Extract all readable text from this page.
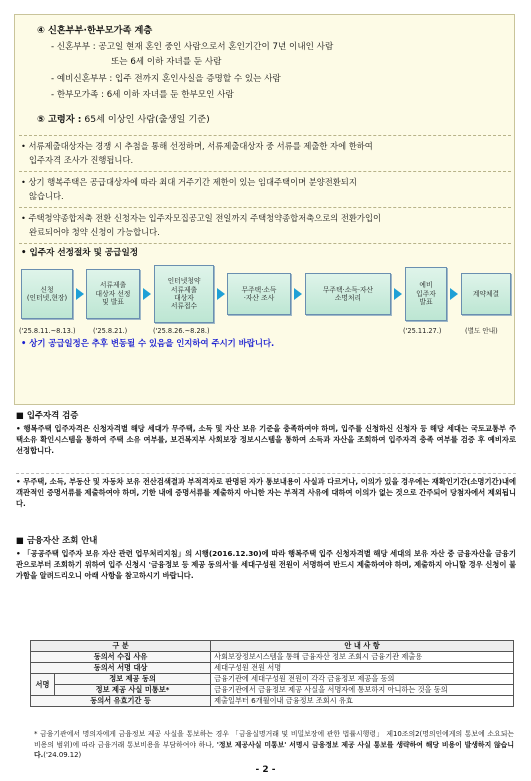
④ 신혼부부·한부모가족 계층

- 신혼부부 : 공고일 현재 혼인 중인 사람으로서 혼인기간이 7년 이내인 사람

또는 6세 이하 자녀를 둔 사람

- 예비신혼부부 : 입주 전까지 혼인사실을 증명할 수 있는 사람

- 한부모가족 : 6세 이하 자녀를 둔 한부모인 사람

⑤ 고령자 : 65세 이상인 사람(출생일 기준)

• 서류제출대상자는 경쟁 시 추첨을 통해 선정하며, 서류제출대상자 중 서류를 제출한 자에 한하여

입주자격 조사가 진행됩니다.

• 상기 행복주택은 공급대상자에 따라 최대 거주기간 제한이 있는 임대주택이며 분양전환되지

않습니다.

• 주택청약종합저축 전환 신청자는 입주자모집공고일 전일까지 주택청약종합저축으로의 전환가입이

완료되어야 청약 신청이 가능합니다.

• 입주자 선정절차 및 공급일정

신청
(인터넷,현장)
서류제출
대상자 선정
및 발표
인터넷청약
서류제출
대상자
서류접수
무주택·소득
·자산 조사
무주택·소득·자산
소명처리
예비
입주자
발표
계약체결
('25.8.11.~8.13.)	('25.8.21.)	('25.8.26.~8.28.)	('25.11.27.)	(별도 안내)

• 상기 공급일정은 추후 변동될 수 있음을 인지하여 주시기 바랍니다.

■ 입주자격 검증
• 행복주택 입주자격은 신청자격별 해당 세대가 무주택, 소득 및 자산 보유 기준을 충족하여야 하며, 입주를 신청하신 신청자 등 해당 세대는 국토교통부 주택소유 확인시스템을 통하여 주택 소유 여부를, 보건복지부 사회보장 정보시스템을 통하여 소득과 자산을 조회하여 입주자격 충족 여부를 검증 후 예비자로 선정합니다.
• 무주택, 소득, 부동산 및 자동차 보유 전산검색결과 부적격자로 판명된 자가 통보내용이 사실과 다르거나, 이의가 있을 경우에는 재확인기간(소명기간)내에 객관적인 증명서류를 제출하여야 하며, 기한 내에 증명서류를 제출하지 아니한 자는 부적격 사유에 대하여 이의가 없는 것으로 간주되어 당첨자에서 제외됩니다.
■ 금융자산 조회 안내
• 「공공주택 입주자 보유 자산 관련 업무처리지침」의 시행(2016.12.30)에 따라 행복주택 입주 신청자격별 해당 세대의 보유 자산 중 금융자산을 금융기관으로부터 조회하기 위하여 입주 신청시 '금융정보 등 제공 동의서'를 세대구성원 전원이 서명하여 반드시 제출하여야 하며, 제출하지 아니할 경우 신청이 불가함을 알려드리오니 아래 사항을 참고하시기 바랍니다.
구 분		안 내 사 항
동의서 수집 사유		사회보장정보시스템을 통해 금융자산 정보 조회시 금융기관 제출용
동의서 서명 대상		세대구성원 전원 서명
서명	정보 제공 동의	금융기관에 세대구성원 전원이 각각 금융정보 제공을 동의
	정보 제공 사실 미통보*	금융기관에서 금융정보 제공 사실을 서명자에 통보하지 아니하는 것을 동의
동의서 유효기간 등		제출일부터 6개월이내 금융정보 조회시 유효
* 금융기관에서 명의자에게 금융정보 제공 사실을 통보하는 경우 「금융실명거래 및 비밀보장에 관한 법률시행령」 제10조의2(명의인에게의 통보에 소요되는 비용의 범위)에 따라 금융거래 통보비용을 부담하여야 하나, '정보 제공사실 미통보' 서명시 금융정보 제공 사실 통보를 생략하여 해당 비용이 발생하지 않습니다.('24.09.12)
- 2 -
